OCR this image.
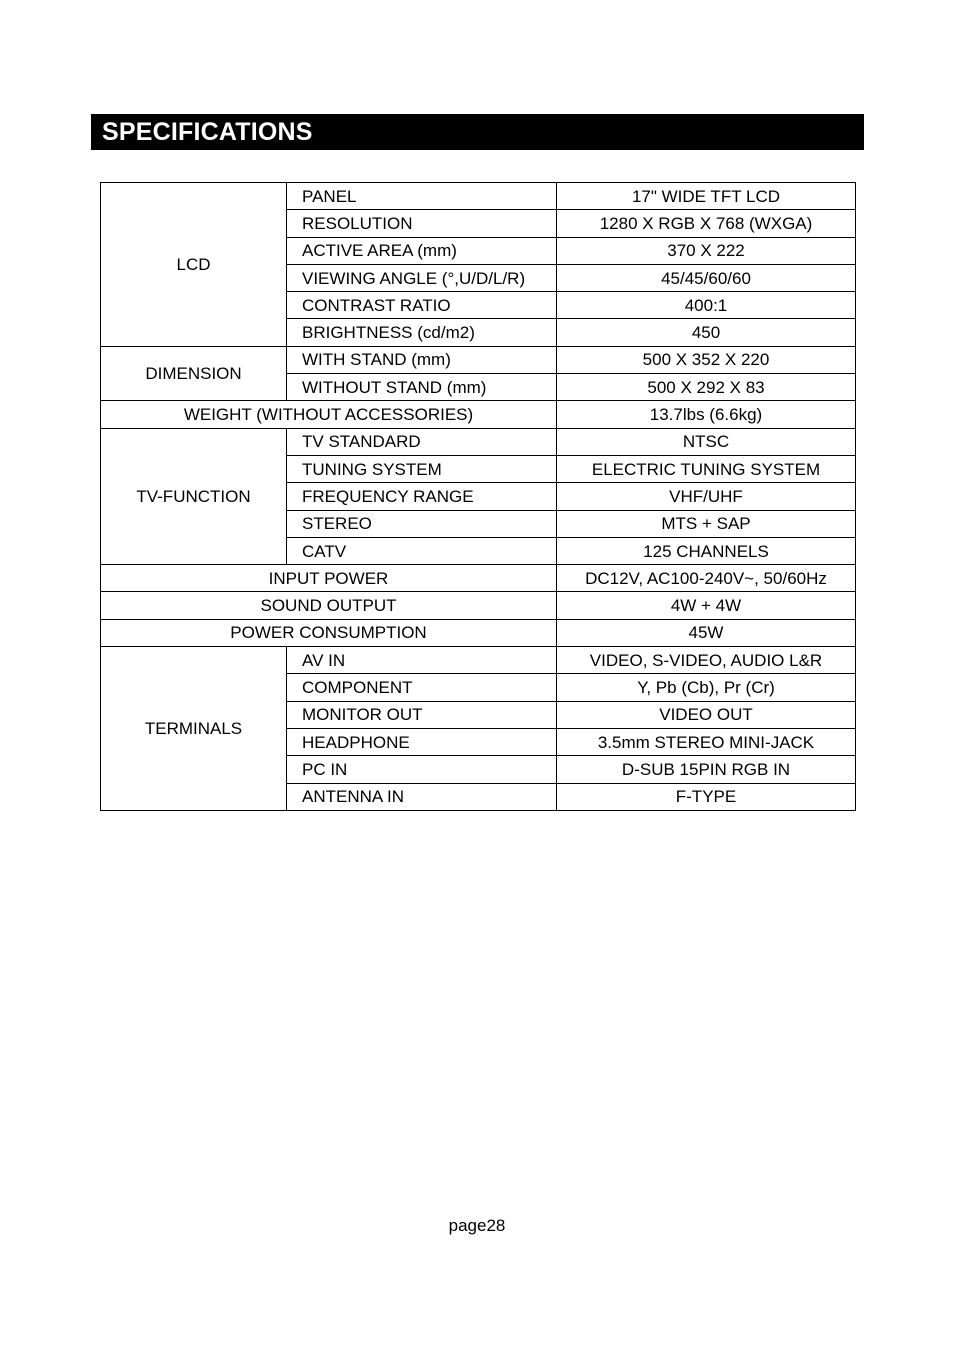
SPECIFICATIONS
LCD	PANEL	17" WIDE TFT LCD
	RESOLUTION	1280 X RGB X 768 (WXGA)
	ACTIVE AREA (mm)	370 X 222
	VIEWING ANGLE (°,U/D/L/R)	45/45/60/60
	CONTRAST RATIO	400:1
	BRIGHTNESS (cd/m2)	450
DIMENSION	WITH STAND (mm)	500 X 352 X 220
	WITHOUT STAND (mm)	500 X 292 X 83
WEIGHT (WITHOUT ACCESSORIES)		13.7lbs (6.6kg)
TV-FUNCTION	TV STANDARD	NTSC
	TUNING SYSTEM	ELECTRIC TUNING SYSTEM
	FREQUENCY RANGE	VHF/UHF
	STEREO	MTS + SAP
	CATV	125 CHANNELS
INPUT POWER		DC12V, AC100-240V~, 50/60Hz
SOUND OUTPUT		4W + 4W
POWER CONSUMPTION		45W
TERMINALS	AV IN	VIDEO, S-VIDEO, AUDIO L&R
	COMPONENT	Y, Pb (Cb), Pr (Cr)
	MONITOR OUT	VIDEO OUT
	HEADPHONE	3.5mm STEREO MINI-JACK
	PC IN	D-SUB 15PIN RGB IN
	ANTENNA IN	F-TYPE
page28
